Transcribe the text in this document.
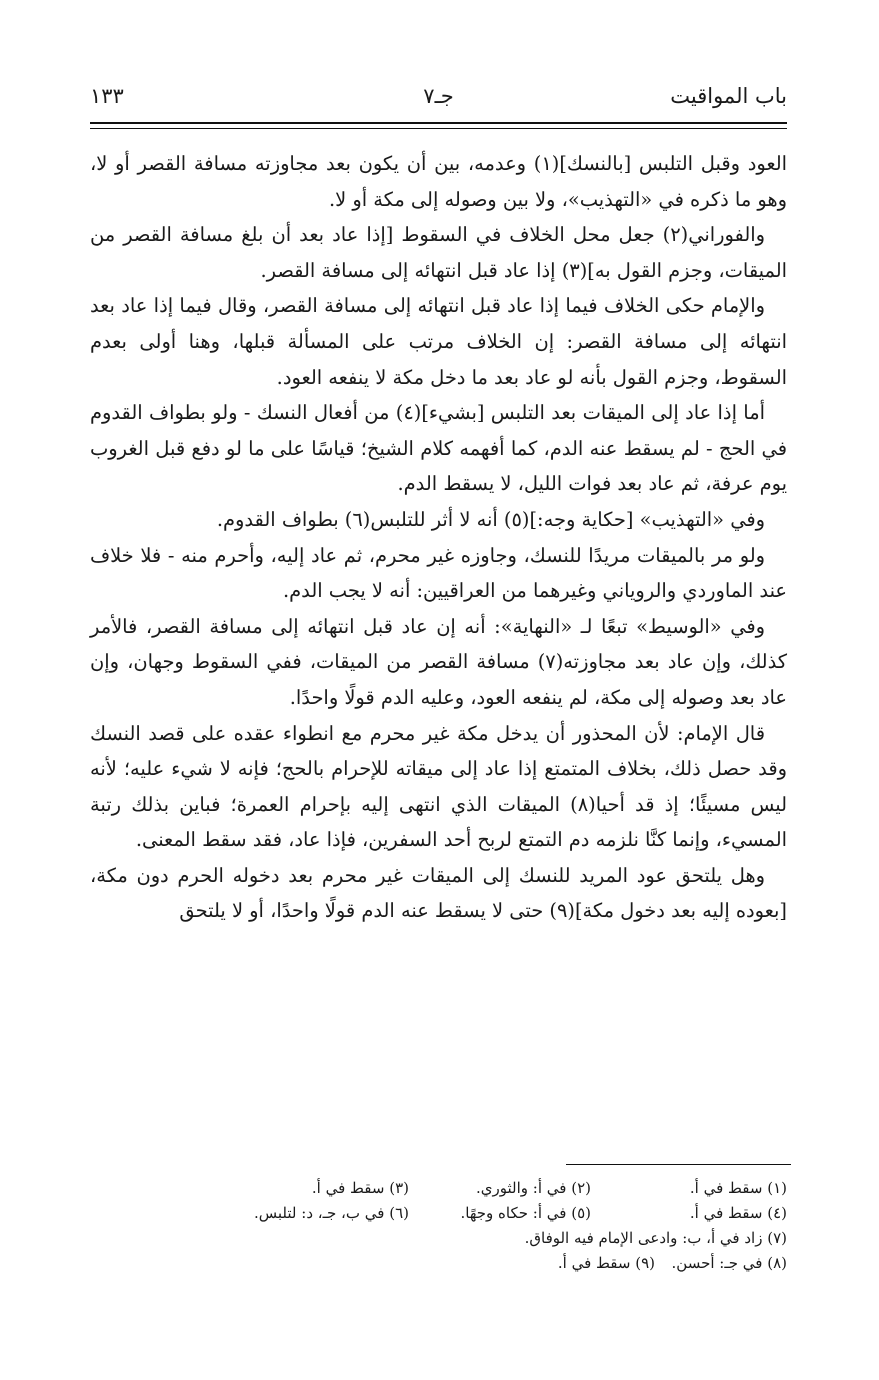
باب المواقيت
جـ٧
١٣٣

العود وقبل التلبس [بالنسك](١) وعدمه، بين أن يكون بعد مجاوزته مسافة القصر أو لا، وهو ما ذكره في «التهذيب»، ولا بين وصوله إلى مكة أو لا.

والفوراني(٢) جعل محل الخلاف في السقوط [إذا عاد بعد أن بلغ مسافة القصر من الميقات، وجزم القول به](٣) إذا عاد قبل انتهائه إلى مسافة القصر.

والإمام حكى الخلاف فيما إذا عاد قبل انتهائه إلى مسافة القصر، وقال فيما إذا عاد بعد انتهائه إلى مسافة القصر: إن الخلاف مرتب على المسألة قبلها، وهنا أولى بعدم السقوط، وجزم القول بأنه لو عاد بعد ما دخل مكة لا ينفعه العود.

أما إذا عاد إلى الميقات بعد التلبس [بشيء](٤) من أفعال النسك - ولو بطواف القدوم في الحج - لم يسقط عنه الدم، كما أفهمه كلام الشيخ؛ قياسًا على ما لو دفع قبل الغروب يوم عرفة، ثم عاد بعد فوات الليل، لا يسقط الدم.

وفي «التهذيب» [حكاية وجه:](٥) أنه لا أثر للتلبس(٦) بطواف القدوم.

ولو مر بالميقات مريدًا للنسك، وجاوزه غير محرم، ثم عاد إليه، وأحرم منه - فلا خلاف عند الماوردي والروياني وغيرهما من العراقيين: أنه لا يجب الدم.

وفي «الوسيط» تبعًا لـ «النهاية»: أنه إن عاد قبل انتهائه إلى مسافة القصر، فالأمر كذلك، وإن عاد بعد مجاوزته(٧) مسافة القصر من الميقات، ففي السقوط وجهان، وإن عاد بعد وصوله إلى مكة، لم ينفعه العود، وعليه الدم قولًا واحدًا.

قال الإمام: لأن المحذور أن يدخل مكة غير محرم مع انطواء عقده على قصد النسك وقد حصل ذلك، بخلاف المتمتع إذا عاد إلى ميقاته للإحرام بالحج؛ فإنه لا شيء عليه؛ لأنه ليس مسيئًا؛ إذ قد أحيا(٨) الميقات الذي انتهى إليه بإحرام العمرة؛ فباين بذلك رتبة المسيء، وإنما كنَّا نلزمه دم التمتع لربح أحد السفرين، فإذا عاد، فقد سقط المعنى.

وهل يلتحق عود المريد للنسك إلى الميقات غير محرم بعد دخوله الحرم دون مكة، [بعوده إليه بعد دخول مكة](٩) حتى لا يسقط عنه الدم قولًا واحدًا، أو لا يلتحق

(١) سقط في أ.
(٢) في أ: والثوري.
(٣) سقط في أ.
(٤) سقط في أ.
(٥) في أ: حكاه وجهًا.
(٦) في ب، جـ، د: لتلبس.
(٧) زاد في أ، ب: وادعى الإمام فيه الوفاق.
(٨) في جـ: أحسن.
(٩) سقط في أ.
